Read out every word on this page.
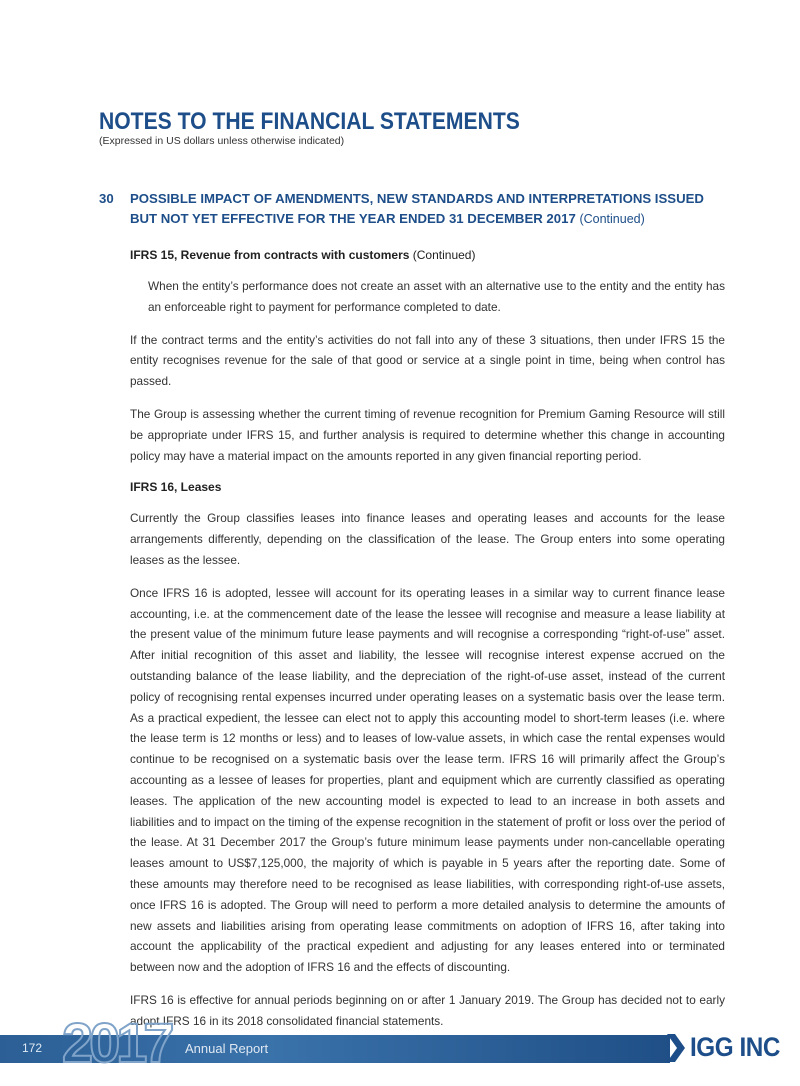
NOTES TO THE FINANCIAL STATEMENTS
(Expressed in US dollars unless otherwise indicated)
30	POSSIBLE IMPACT OF AMENDMENTS, NEW STANDARDS AND INTERPRETATIONS ISSUED BUT NOT YET EFFECTIVE FOR THE YEAR ENDED 31 DECEMBER 2017 (Continued)
IFRS 15, Revenue from contracts with customers (Continued)

When the entity’s performance does not create an asset with an alternative use to the entity and the entity has an enforceable right to payment for performance completed to date.

If the contract terms and the entity’s activities do not fall into any of these 3 situations, then under IFRS 15 the entity recognises revenue for the sale of that good or service at a single point in time, being when control has passed.

The Group is assessing whether the current timing of revenue recognition for Premium Gaming Resource will still be appropriate under IFRS 15, and further analysis is required to determine whether this change in accounting policy may have a material impact on the amounts reported in any given financial reporting period.

IFRS 16, Leases

Currently the Group classifies leases into finance leases and operating leases and accounts for the lease arrangements differently, depending on the classification of the lease. The Group enters into some operating leases as the lessee.

Once IFRS 16 is adopted, lessee will account for its operating leases in a similar way to current finance lease accounting, i.e. at the commencement date of the lease the lessee will recognise and measure a lease liability at the present value of the minimum future lease payments and will recognise a corresponding “right-of-use” asset. After initial recognition of this asset and liability, the lessee will recognise interest expense accrued on the outstanding balance of the lease liability, and the depreciation of the right-of-use asset, instead of the current policy of recognising rental expenses incurred under operating leases on a systematic basis over the lease term. As a practical expedient, the lessee can elect not to apply this accounting model to short-term leases (i.e. where the lease term is 12 months or less) and to leases of low-value assets, in which case the rental expenses would continue to be recognised on a systematic basis over the lease term. IFRS 16 will primarily affect the Group’s accounting as a lessee of leases for properties, plant and equipment which are currently classified as operating leases. The application of the new accounting model is expected to lead to an increase in both assets and liabilities and to impact on the timing of the expense recognition in the statement of profit or loss over the period of the lease. At 31 December 2017 the Group’s future minimum lease payments under non-cancellable operating leases amount to US$7,125,000, the majority of which is payable in 5 years after the reporting date. Some of these amounts may therefore need to be recognised as lease liabilities, with corresponding right-of-use assets, once IFRS 16 is adopted. The Group will need to perform a more detailed analysis to determine the amounts of new assets and liabilities arising from operating lease commitments on adoption of IFRS 16, after taking into account the applicability of the practical expedient and adjusting for any leases entered into or terminated between now and the adoption of IFRS 16 and the effects of discounting.

IFRS 16 is effective for annual periods beginning on or after 1 January 2019. The Group has decided not to early adopt IFRS 16 in its 2018 consolidated financial statements.

172 2017 Annual Report	IGG INC
